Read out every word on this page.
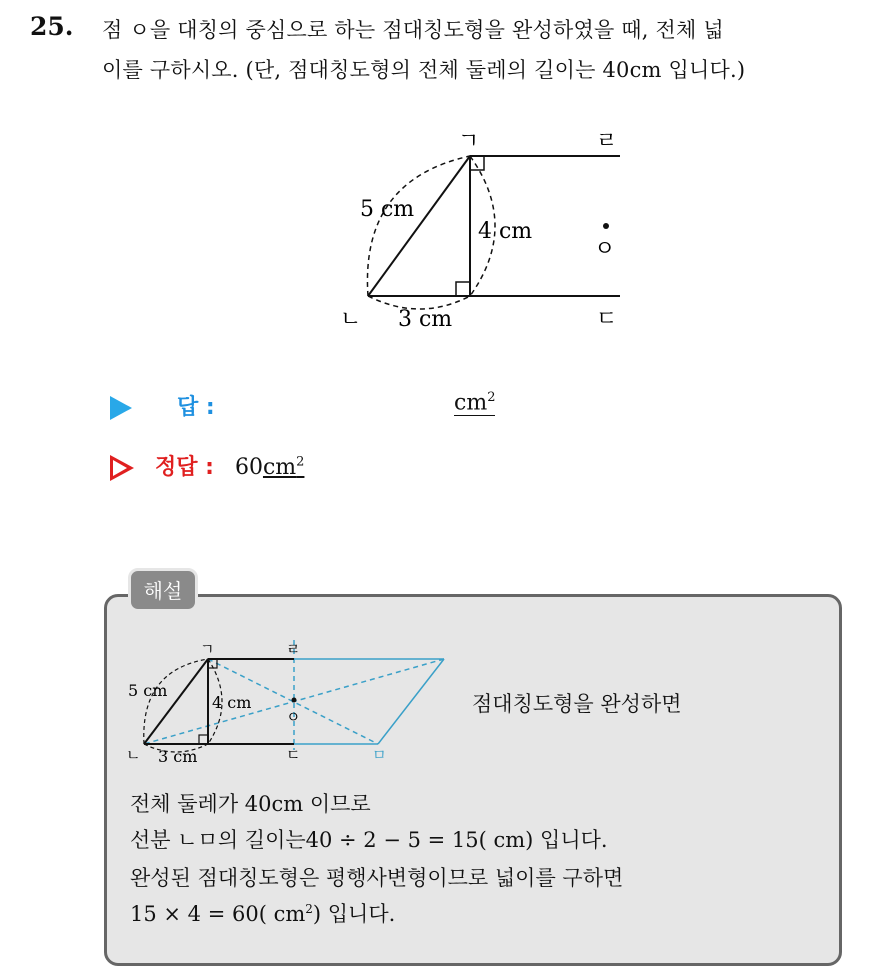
25. 점 ㅇ을 대칭의 중심으로 하는 점대칭도형을 완성하였을 때, 전체 넓
이를 구하시오. (단, 점대칭도형의 전체 둘레의 길이는 40cm 입니다.)
ㄱ	ㄹ
ㄴ	ㄷ
ㅇ
5 cm
4 cm
3 cm
답 :	$cm^2$
정답 : $60cm^2$
해설
ㄱ	ㄹ
ㄴ	ㄷ	ㅁ
ㅇ
5 cm
4 cm
3 cm
점대칭도형을 완성하면
전체 둘레가 40cm 이므로
선분 ㄴㅁ의 길이는40 ÷ 2 − 5 = 15( cm) 입니다.
완성된 점대칭도형은 평행사변형이므로 넓이를 구하면
15 × 4 = 60( $cm^2$) 입니다.
